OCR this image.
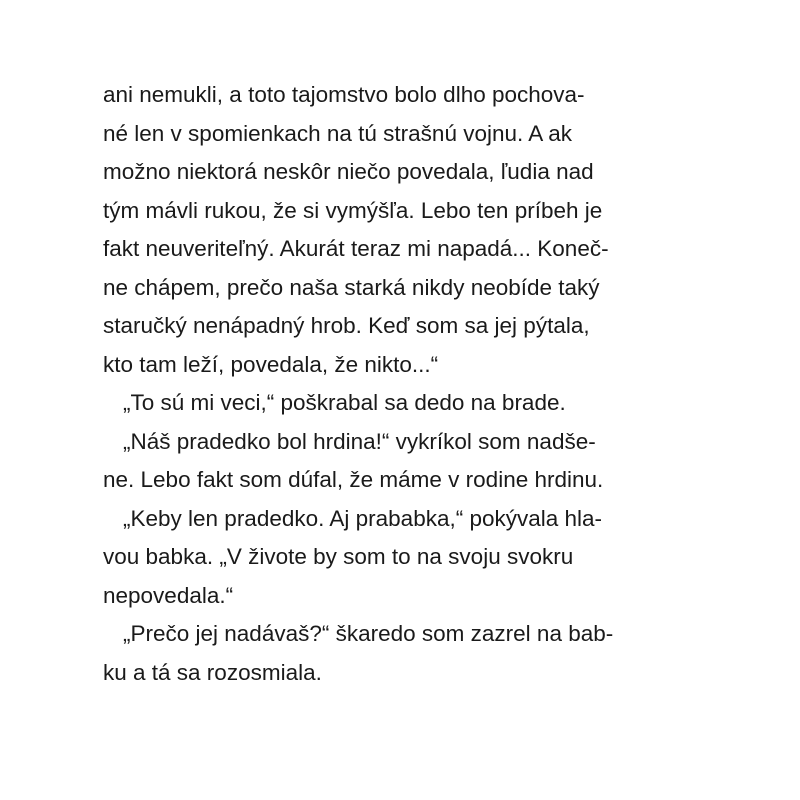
ani nemukli, a toto tajomstvo bolo dlho pochova-
né len v spomienkach na tú strašnú vojnu. A ak
možno niektorá neskôr niečo povedala, ľudia nad
tým mávli rukou, že si vymýšľa. Lebo ten príbeh je
fakt neuveriteľný. Akurát teraz mi napadá... Koneč-
ne chápem, prečo naša starká nikdy neobíde taký
staručký nenápadný hrob. Keď som sa jej pýtala,
kto tam leží, povedala, že nikto...“
„To sú mi veci,“ poškrabal sa dedo na brade.
„Náš pradedko bol hrdina!“ vykríkol som nadše-
ne. Lebo fakt som dúfal, že máme v rodine hrdinu.
„Keby len pradedko. Aj prababka,“ pokývala hla-
vou babka. „V živote by som to na svoju svokru
nepovedala.“
„Prečo jej nadávaš?“ škaredo som zazrel na bab-
ku a tá sa rozosmiala.
